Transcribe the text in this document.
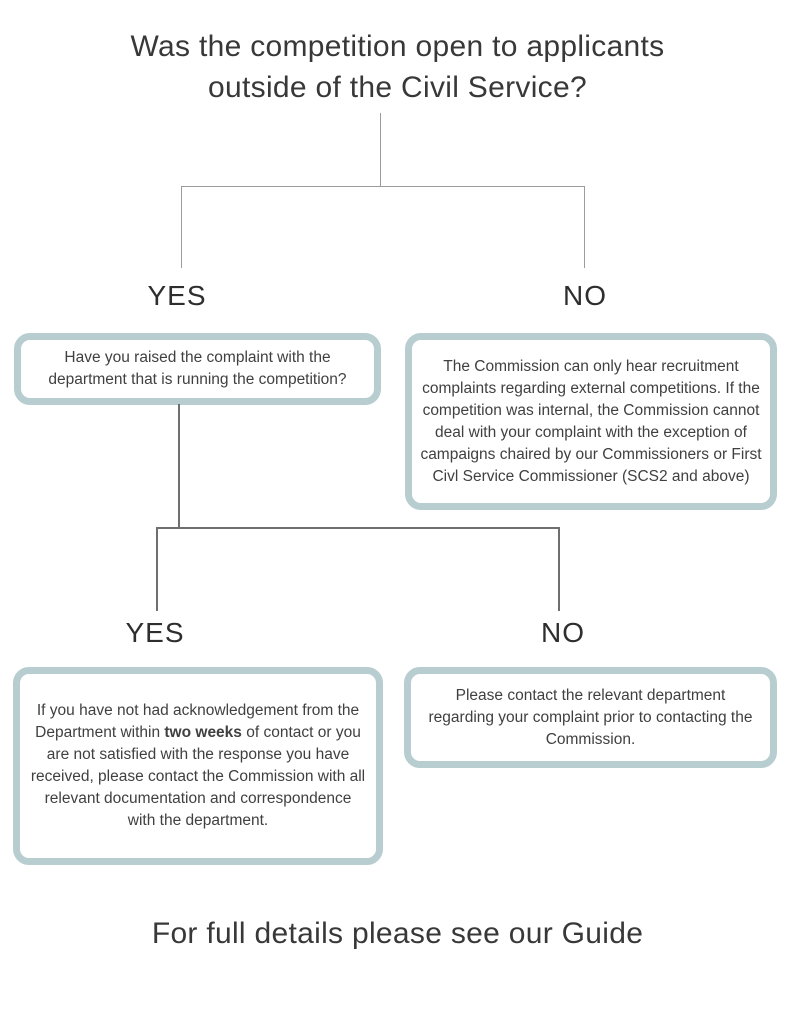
Was the competition open to applicants
outside of the Civil Service?
YES	NO

Have you raised the complaint with the department that is running the competition?

The Commission can only hear recruitment complaints regarding external competitions. If the competition was internal, the Commission cannot deal with your complaint with the exception of campaigns chaired by our Commissioners or First Civl Service Commissioner (SCS2 and above)

YES	NO

If you have not had acknowledgement from the Department within two weeks of contact or you are not satisfied with the response you have received, please contact the Commission with all relevant documentation and correspondence with the department.

Please contact the relevant department regarding your complaint prior to contacting the Commission.

For full details please see our Guide
